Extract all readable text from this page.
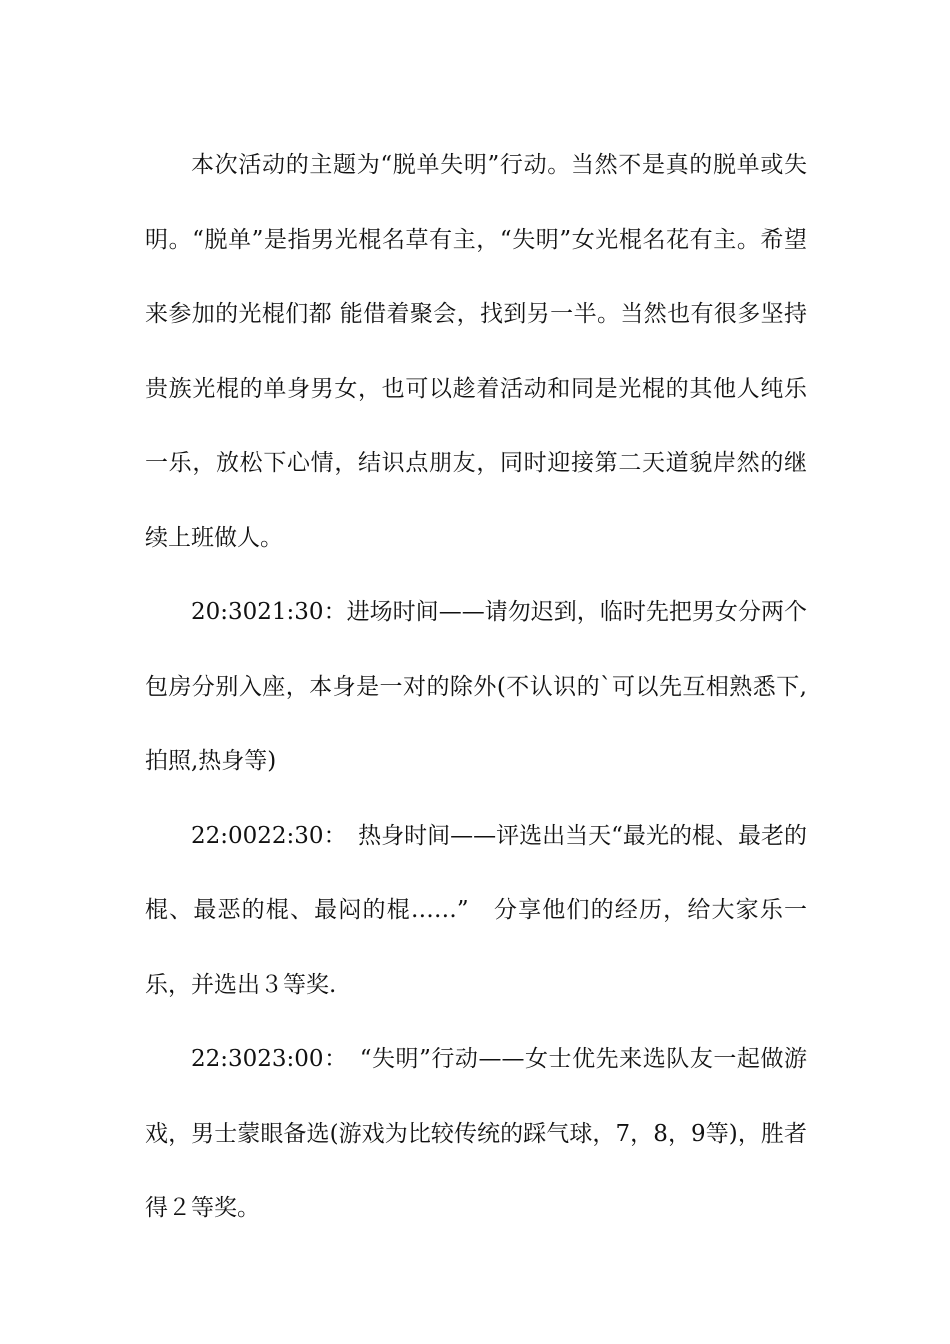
本次活动的主题为“脱单失明”行动。当然不是真的脱单或失明。“脱单”是指男光棍名草有主，“失明”女光棍名花有主。希望来参加的光棍们都 能借着聚会，找到另一半。当然也有很多坚持贵族光棍的单身男女，也可以趁着活动和同是光棍的其他人纯乐一乐，放松下心情，结识点朋友，同时迎接第二天道貌岸然的继续上班做人。

20:3021:30：进场时间——请勿迟到，临时先把男女分两个包房分别入座，本身是一对的除外(不认识的`可以先互相熟悉下,拍照,热身等)

22:0022:30：　热身时间——评选出当天“最光的棍、最老的棍、最恶的棍、最闷的棍……”　分享他们的经历，给大家乐一乐，并选出３等奖.

22:3023:00：　“失明”行动——女士优先来选队友一起做游戏，男士蒙眼备选(游戏为比较传统的踩气球，7，8，9等)，胜者得２等奖。
